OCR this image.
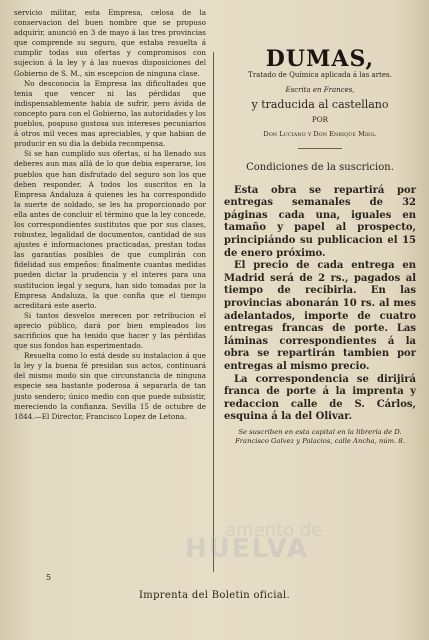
servicio militar, esta Empresa, celosa de la conservacion del buen nombre que se propuso adquirir, anunció en 3 de mayo á las tres provincias que comprende su seguro, que estaba resuelta á cumplir todas sus ofertas y compromisos con sujecion á la ley y á las nuevas disposiciones del Gobierno de S. M., sin escepcion de ninguna clase.

No desconocia la Empresa las dificultades que tenia que vencer ni las pérdidas que indispensablemente habia de sufrir, pero ávida de concepto para con el Gobierno, las autoridades y los pueblos, pospuso gustosa sus intereses pecuniarios á otros mil veces mas apreciables, y que habian de producir en su dia la debida recompensa.

Si se han cumplido sus ofertas, si ha llenado sus deberes aun mas allá de lo que debia esperarse, los pueblos que han disfrutado del seguro son los que deben responder. A todos los suscritos en la Empresa Andaluza á quienes les ha correspondido la suerte de soldado, se les ha proporcionado por ella antes de concluir el término que la ley concede, los correspondientes sustitutos que por sus clases, robustez, legalidad de documentos, cantidad de sus ajustes é informaciones practicadas, prestan todas las garantías posibles de que cumplirán con fidelidad sus empeños: finalmente cuantas medidas pueden dictar la prudencia y el interes para una sustitucion legal y segura, han sido tomadas por la Empresa Andaluza, la que confia que el tiempo acreditará este aserto.

Si tantos desvelos merecen por retribucion el aprecio público, dará por bien empleados los sacrificios que ha tenido que hacer y las pérdidas que sus fondos han esperimentado.

Resuelta como lo está desde su instalacion á que la ley y la buena fé presidan sus actos, continuará del mismo modo sin que circunstancia de ninguna especie sea bastante poderosa á separarla de tan justo sendero; único medio con que puede subsistir, mereciendo la confianza. Sevilla 15 de octubre de 1844.—El Director, Francisco Lopez de Letona.

DUMAS,
Tratado de Química aplicada á las artes.
Escrita en Frances,
y traducida al castellano
POR
Don Luciano y Don Enrique Mieg.
Condiciones de la suscricion.

Esta obra se repartirá por entregas semanales de 32 páginas cada una, iguales en tamaño y papel al prospecto, principiándo su publicacion el 15 de enero próximo.

El precio de cada entrega en Madrid será de 2 rs., pagados al tiempo de recibirla. En las provincias abonarán 10 rs. al mes adelantados, importe de cuatro entregas francas de porte. Las láminas correspondientes á la obra se repartirán tambien por entregas al mismo precio.

La correspondencia se dirijirá franca de porte á la imprenta y redaccion calle de S. Cárlos, esquina á la del Olivar.

Se suscriben en esta capital en la librería de D. Francisco Galvez y Palacios, calle Ancha, núm. 8.
5
amento de
HUELVA
Imprenta del Boletin oficial.
